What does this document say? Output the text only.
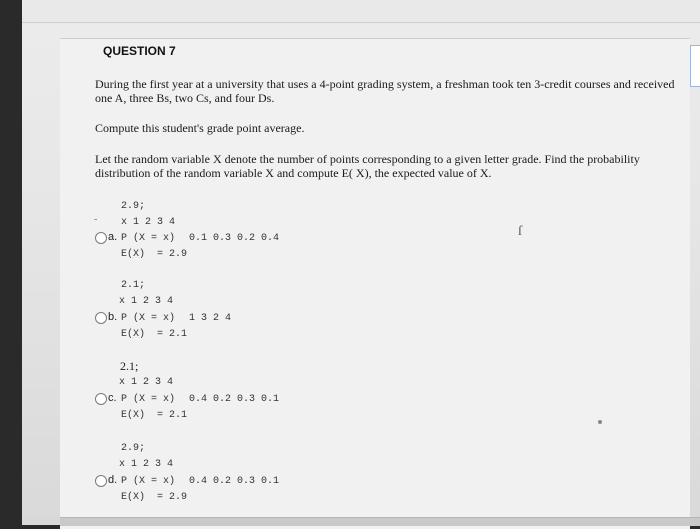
QUESTION 7
During the first year at a university that uses a 4-point grading system, a freshman took ten 3-credit courses and received one A, three Bs, two Cs, and four Ds.
Compute this student's grade point average.
Let the random variable X denote the number of points corresponding to a given letter grade. Find the probability distribution of the random variable X and compute E( X), the expected value of X.
-
2.9;
x 1 2 3 4
a. P (X = x) 0.1 0.3 0.2 0.4
E(X)  = 2.9
ſ
2.1;
x 1 2 3 4
b. P (X = x) 1 3 2 4
E(X)  = 2.1
2.1;
x 1 2 3 4
c. P (X = x) 0.4 0.2 0.3 0.1
E(X)  = 2.1
2.9;
x 1 2 3 4
d. P (X = x) 0.4 0.2 0.3 0.1
E(X)  = 2.9
